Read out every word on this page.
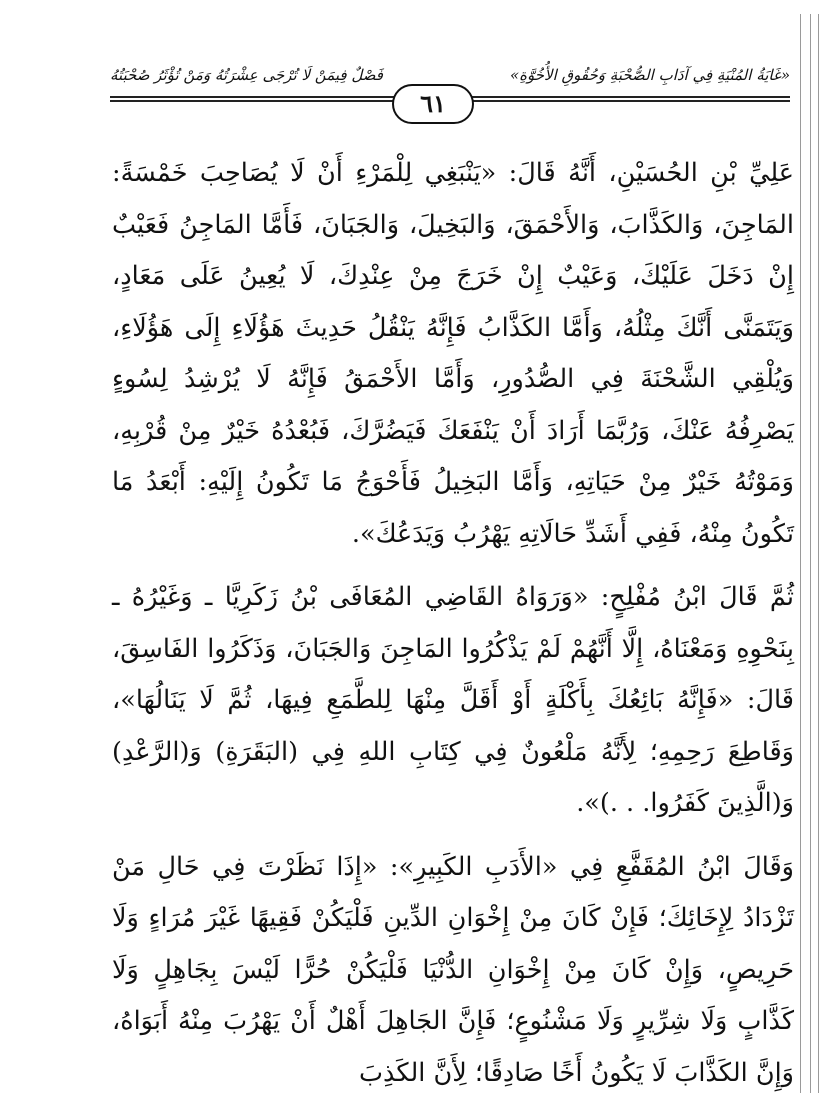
فَصْلٌ فِيمَنْ لَا تُرْجَى عِشْرَتُهُ وَمَنْ تُؤْثَرُ صُحْبَتُهُ	«غَايَةُ المُنْيَةِ فِي آدَابِ الصُّحْبَةِ وَحُقُوقِ الأُخُوَّةِ»
٦١

عَلِيِّ بْنِ الحُسَيْنِ، أَنَّهُ قَالَ: «يَنْبَغِي لِلْمَرْءِ أَنْ لَا يُصَاحِبَ خَمْسَةً: المَاجِنَ، وَالكَذَّابَ، وَالأَحْمَقَ، وَالبَخِيلَ، وَالجَبَانَ، فَأَمَّا المَاجِنُ فَعَيْبٌ إِنْ دَخَلَ عَلَيْكَ، وَعَيْبٌ إِنْ خَرَجَ مِنْ عِنْدِكَ، لَا يُعِينُ عَلَى مَعَادٍ، وَيَتَمَنَّى أَنَّكَ مِثْلُهُ، وَأَمَّا الكَذَّابُ فَإِنَّهُ يَنْقُلُ حَدِيثَ هَؤُلَاءِ إِلَى هَؤُلَاءِ، وَيُلْقِي الشَّحْنَةَ فِي الصُّدُورِ، وَأَمَّا الأَحْمَقُ فَإِنَّهُ لَا يُرْشِدُ لِسُوءٍ يَصْرِفُهُ عَنْكَ، وَرُبَّمَا أَرَادَ أَنْ يَنْفَعَكَ فَيَضُرَّكَ، فَبُعْدُهُ خَيْرٌ مِنْ قُرْبِهِ، وَمَوْتُهُ خَيْرٌ مِنْ حَيَاتِهِ، وَأَمَّا البَخِيلُ فَأَحْوَجُ مَا تَكُونُ إِلَيْهِ: أَبْعَدُ مَا تَكُونُ مِنْهُ، فَفِي أَشَدِّ حَالَاتِهِ يَهْرُبُ وَيَدَعُكَ».

ثُمَّ قَالَ ابْنُ مُفْلِحٍ: «وَرَوَاهُ القَاضِي المُعَافَى بْنُ زَكَرِيَّا ـ وَغَيْرُهُ ـ بِنَحْوِهِ وَمَعْنَاهُ، إِلَّا أَنَّهُمْ لَمْ يَذْكُرُوا المَاجِنَ وَالجَبَانَ، وَذَكَرُوا الفَاسِقَ، قَالَ: «فَإِنَّهُ بَائِعُكَ بِأَكْلَةٍ أَوْ أَقَلَّ مِنْهَا لِلطَّمَعِ فِيهَا، ثُمَّ لَا يَنَالُهَا»، وَقَاطِعَ رَحِمِهِ؛ لِأَنَّهُ مَلْعُونٌ فِي كِتَابِ اللهِ فِي (البَقَرَةِ) وَ(الرَّعْدِ) وَ(الَّذِينَ كَفَرُوا. . .)».

وَقَالَ ابْنُ المُقَفَّعِ فِي «الأَدَبِ الكَبِيرِ»: «إِذَا نَظَرْتَ فِي حَالِ مَنْ تَزْدَادُ لِإِخَائِكَ؛ فَإِنْ كَانَ مِنْ إِخْوَانِ الدِّينِ فَلْيَكُنْ فَقِيهًا غَيْرَ مُرَاءٍ وَلَا حَرِيصٍ، وَإِنْ كَانَ مِنْ إِخْوَانِ الدُّنْيَا فَلْيَكُنْ حُرًّا لَيْسَ بِجَاهِلٍ وَلَا كَذَّابٍ وَلَا شِرِّيرٍ وَلَا مَشْنُوعٍ؛ فَإِنَّ الجَاهِلَ أَهْلٌ أَنْ يَهْرُبَ مِنْهُ أَبَوَاهُ، وَإِنَّ الكَذَّابَ لَا يَكُونُ أَخًا صَادِقًا؛ لِأَنَّ الكَذِبَ
